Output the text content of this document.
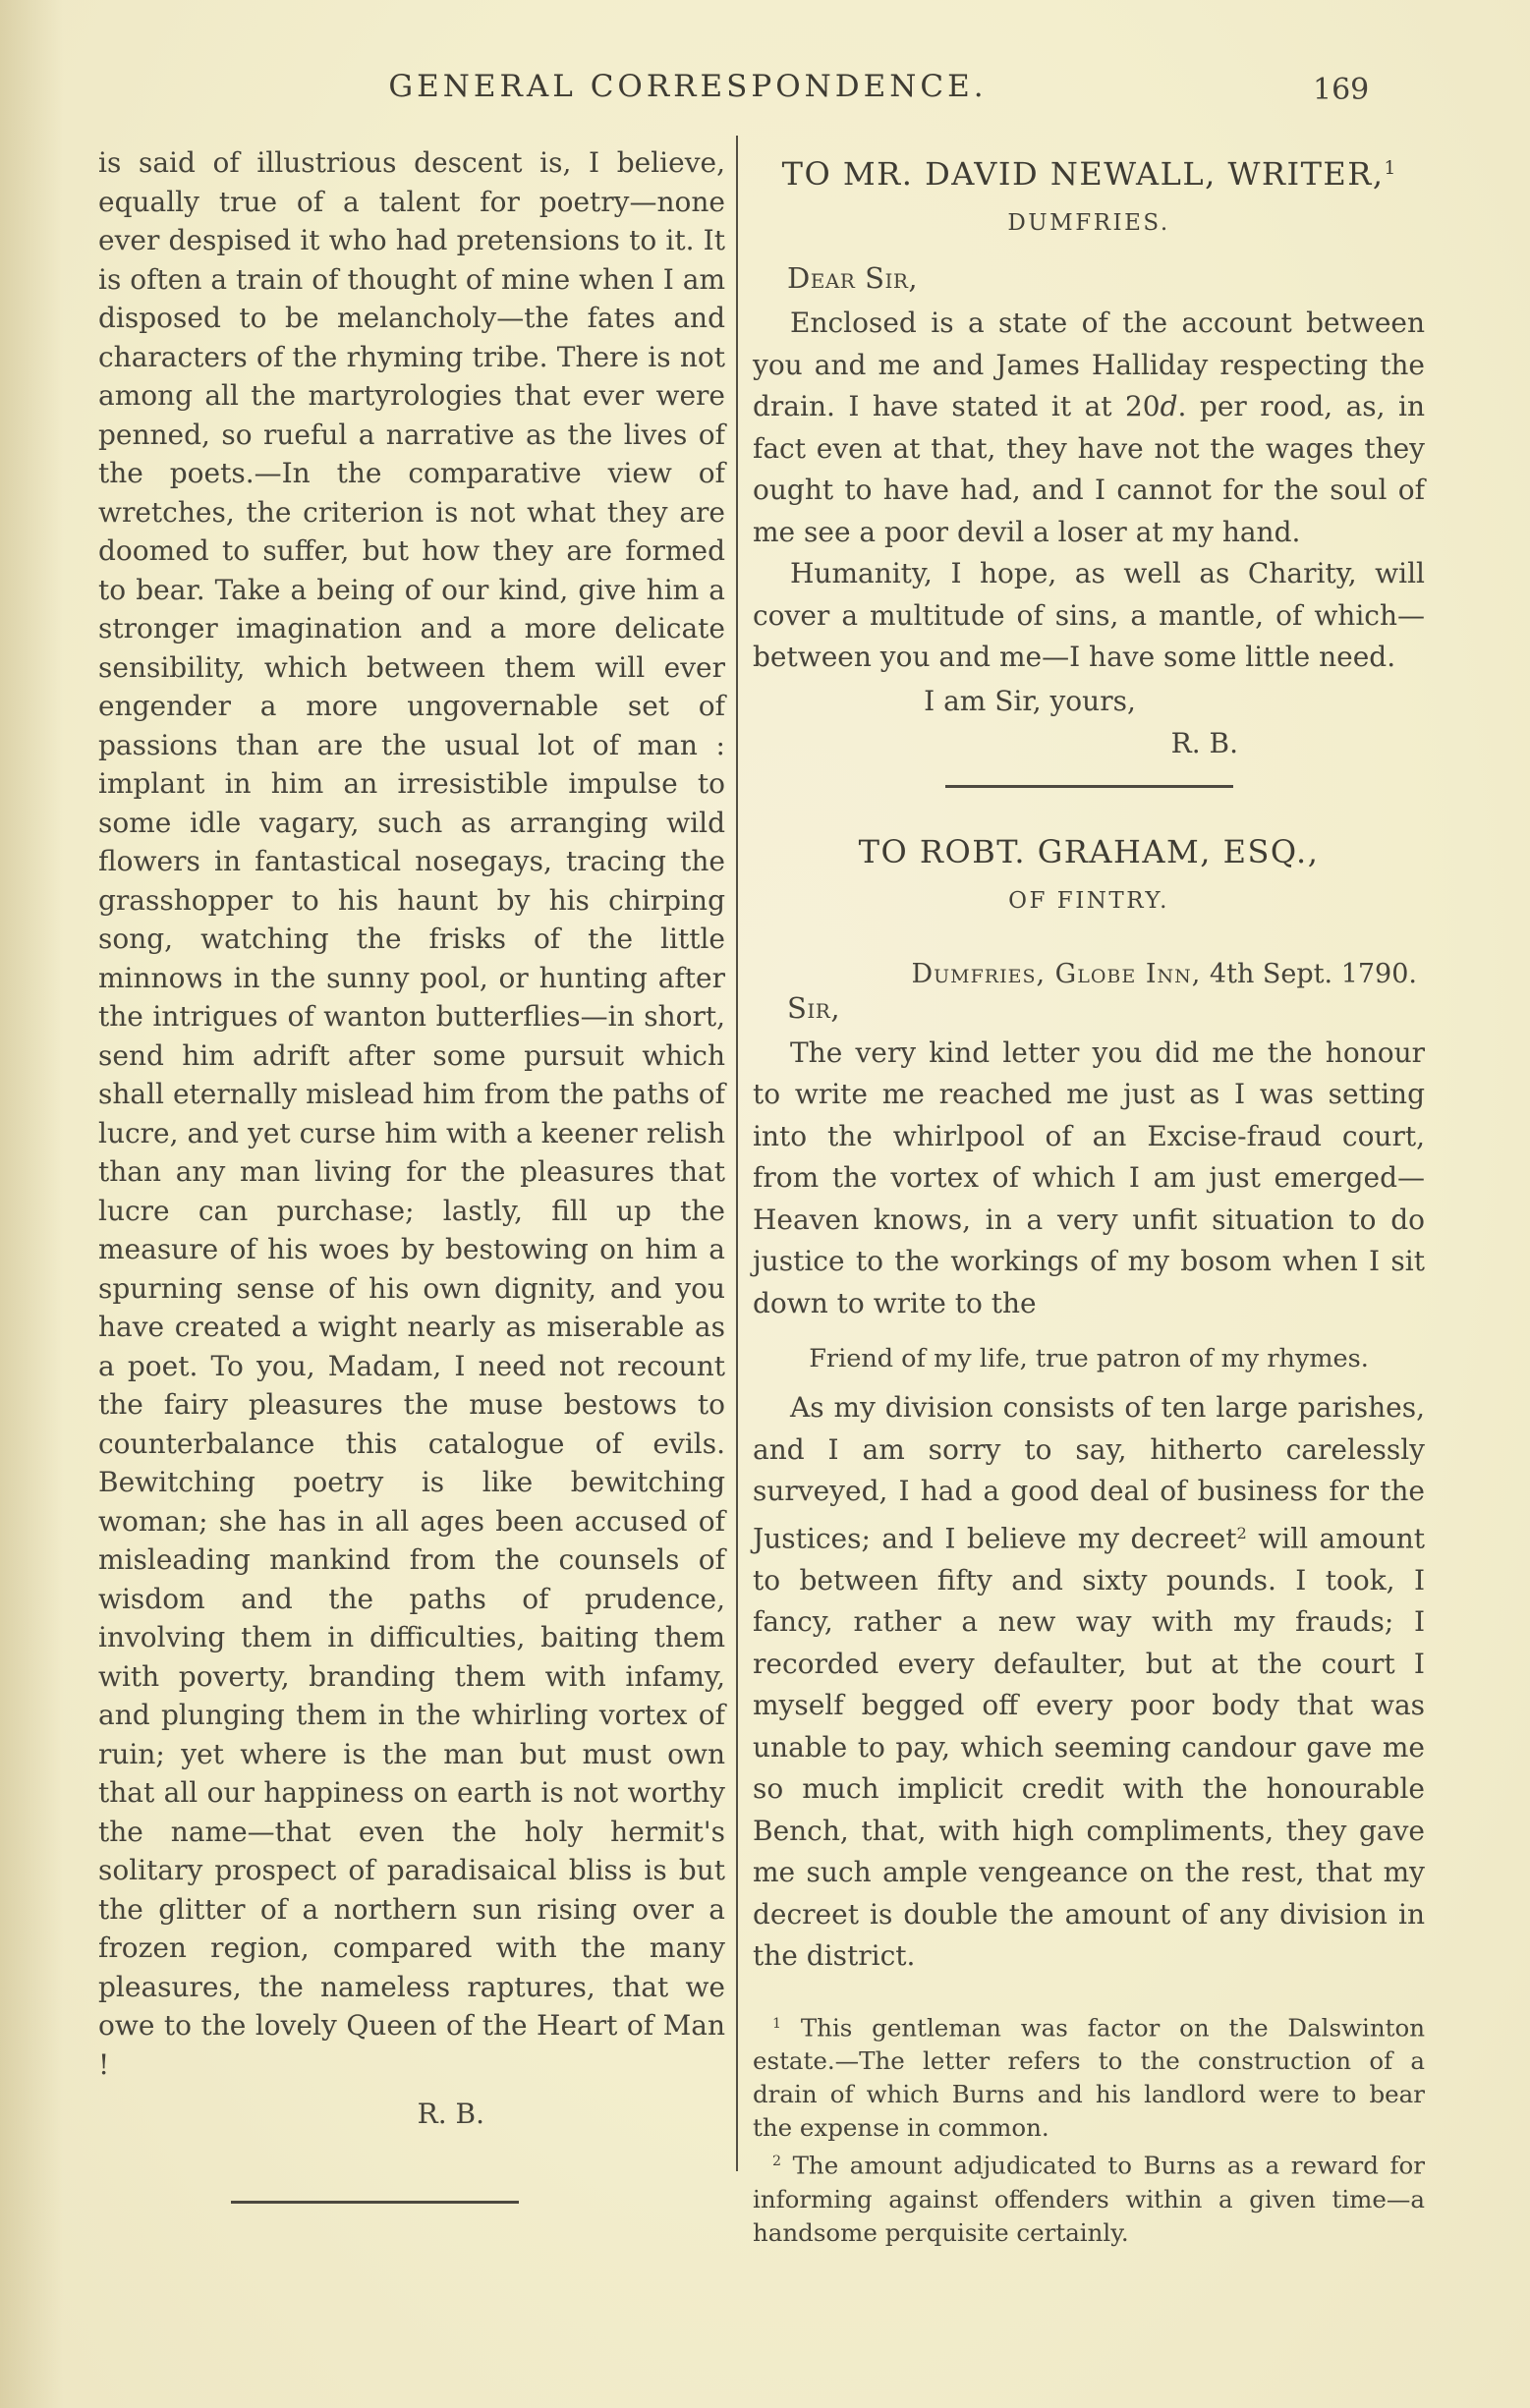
GENERAL CORRESPONDENCE.	169

is said of illustrious descent is, I believe, equally true of a talent for poetry—none ever despised it who had pretensions to it. It is often a train of thought of mine when I am disposed to be melancholy—the fates and characters of the rhyming tribe. There is not among all the martyrologies that ever were penned, so rueful a narrative as the lives of the poets.—In the comparative view of wretches, the criterion is not what they are doomed to suffer, but how they are formed to bear. Take a being of our kind, give him a stronger imagination and a more delicate sensibility, which between them will ever engender a more ungovernable set of passions than are the usual lot of man : implant in him an irresistible impulse to some idle vagary, such as arranging wild flowers in fantastical nosegays, tracing the grasshopper to his haunt by his chirping song, watching the frisks of the little minnows in the sunny pool, or hunting after the intrigues of wanton butterflies—in short, send him adrift after some pursuit which shall eternally mislead him from the paths of lucre, and yet curse him with a keener relish than any man living for the pleasures that lucre can purchase; lastly, fill up the measure of his woes by bestowing on him a spurning sense of his own dignity, and you have created a wight nearly as miserable as a poet. To you, Madam, I need not recount the fairy pleasures the muse bestows to counterbalance this catalogue of evils. Bewitching poetry is like bewitching woman; she has in all ages been accused of misleading mankind from the counsels of wisdom and the paths of prudence, involving them in difficulties, baiting them with poverty, branding them with infamy, and plunging them in the whirling vortex of ruin; yet where is the man but must own that all our happiness on earth is not worthy the name—that even the holy hermit's solitary prospect of paradisaical bliss is but the glitter of a northern sun rising over a frozen region, compared with the many pleasures, the nameless raptures, that we owe to the lovely Queen of the Heart of Man !

R. B.
TO MR. DAVID NEWALL, WRITER,$^1$
DUMFRIES.
Dear Sir,

Enclosed is a state of the account between you and me and James Halliday respecting the drain. I have stated it at 20d. per rood, as, in fact even at that, they have not the wages they ought to have had, and I cannot for the soul of me see a poor devil a loser at my hand.

Humanity, I hope, as well as Charity, will cover a multitude of sins, a mantle, of which—between you and me—I have some little need.

I am Sir, yours,
R. B.
TO ROBT. GRAHAM, ESQ.,
OF FINTRY.
Dumfries, Globe Inn, 4th Sept. 1790.
Sir,

The very kind letter you did me the honour to write me reached me just as I was setting into the whirlpool of an Excise-fraud court, from the vortex of which I am just emerged—Heaven knows, in a very unfit situation to do justice to the workings of my bosom when I sit down to write to the

Friend of my life, true patron of my rhymes.

As my division consists of ten large parishes, and I am sorry to say, hitherto carelessly surveyed, I had a good deal of business for the Justices; and I believe my decreet$^2$ will amount to between fifty and sixty pounds. I took, I fancy, rather a new way with my frauds; I recorded every defaulter, but at the court I myself begged off every poor body that was unable to pay, which seeming candour gave me so much implicit credit with the honourable Bench, that, with high compliments, they gave me such ample vengeance on the rest, that my decreet is double the amount of any division in the district.

$^1$ This gentleman was factor on the Dalswinton estate.—The letter refers to the construction of a drain of which Burns and his landlord were to bear the expense in common.

$^2$ The amount adjudicated to Burns as a reward for informing against offenders within a given time—a handsome perquisite certainly.
